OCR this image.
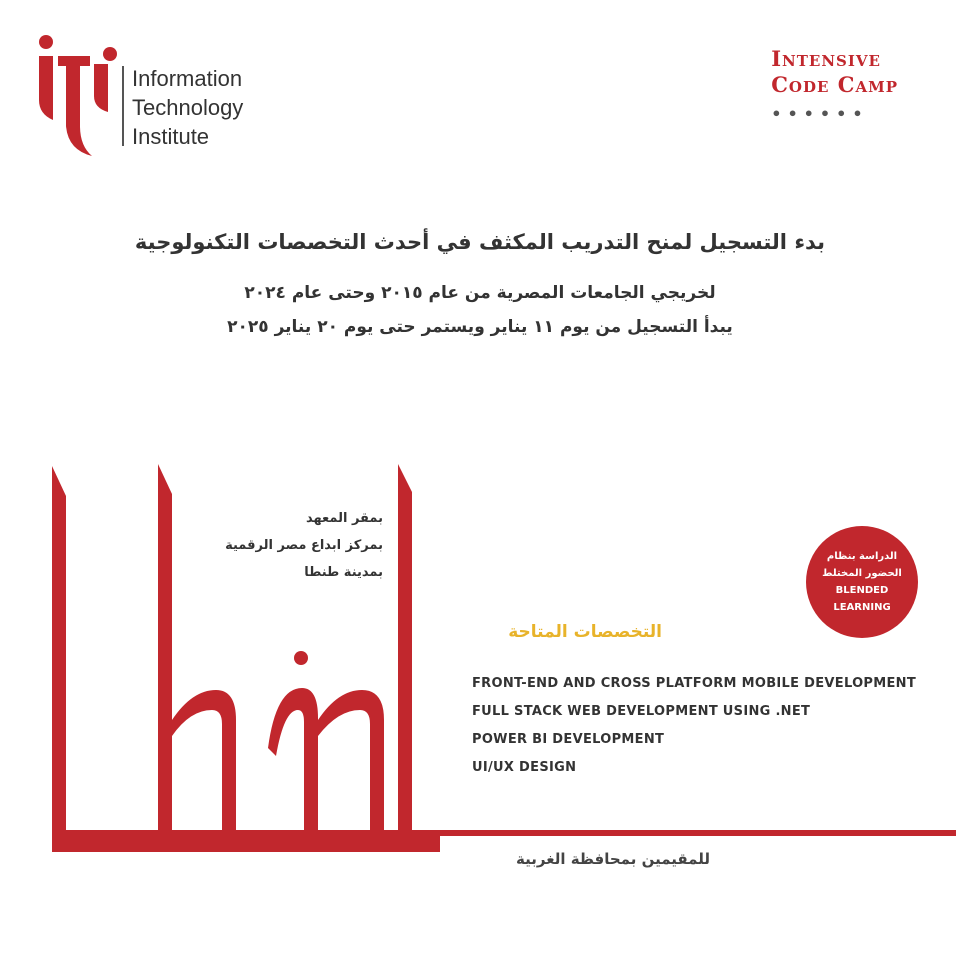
Information
Technology
Institute
Intensive
Code Camp
••••••
بدء التسجيل لمنح التدريب المكثف في أحدث التخصصات التكنولوجية
لخريجي الجامعات المصرية من عام ٢٠١٥ وحتى عام ٢٠٢٤
يبدأ التسجيل من يوم ١١ يناير ويستمر حتى يوم ٢٠ يناير ٢٠٢٥
بمقر المعهد
بمركز ابداع مصر الرقمية
بمدينة طنطا
الدراسة بنظام
الحضور المختلط
BLENDED
LEARNING
التخصصات المتاحة
FRONT-END AND CROSS PLATFORM MOBILE DEVELOPMENT
FULL STACK WEB DEVELOPMENT USING .NET
POWER BI DEVELOPMENT
UI/UX DESIGN
للمقيمين بمحافظة الغربية
